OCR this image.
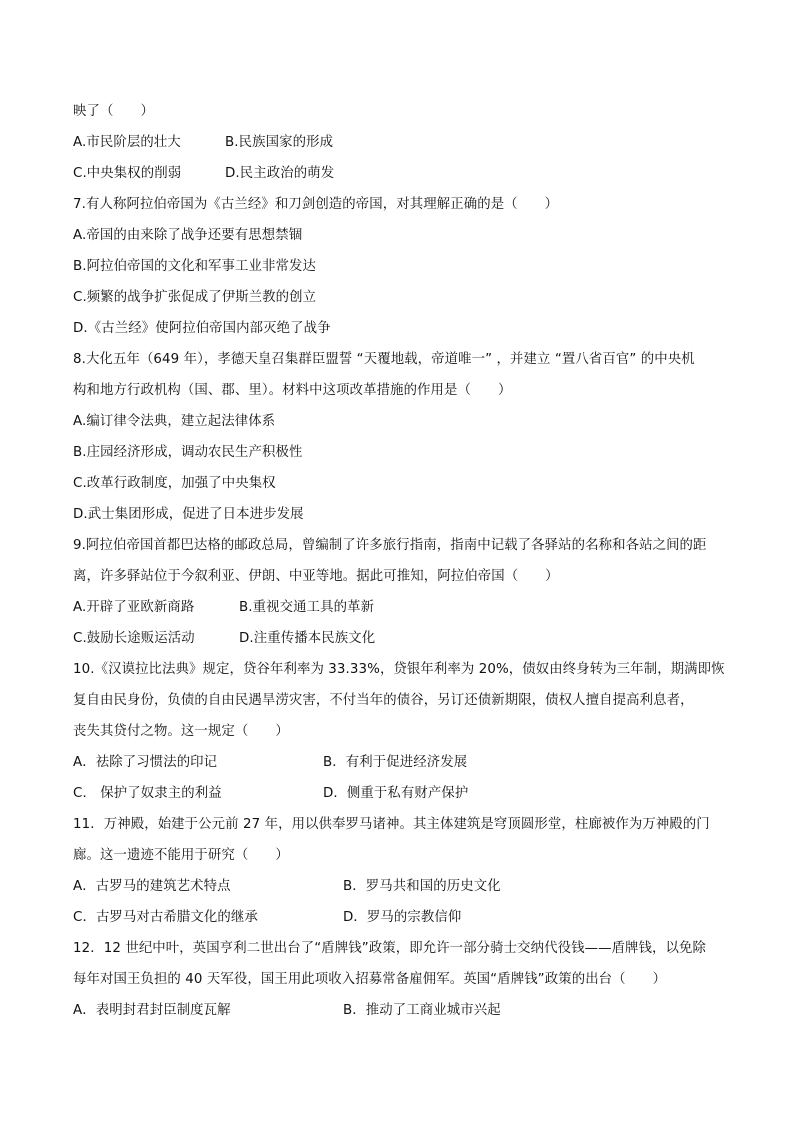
映了（　　）
A.市民阶层的壮大	B.民族国家的形成
C.中央集权的削弱	D.民主政治的萌发
7.有人称阿拉伯帝国为《古兰经》和刀剑创造的帝国，对其理解正确的是（　　）
A.帝国的由来除了战争还要有思想禁锢
B.阿拉伯帝国的文化和军事工业非常发达
C.频繁的战争扩张促成了伊斯兰教的创立
D.《古兰经》使阿拉伯帝国内部灭绝了战争
8.大化五年（649 年），孝德天皇召集群臣盟誓 “天覆地载，帝道唯一” ，并建立 “置八省百官” 的中央机
构和地方行政机构（国、郡、里）。材料中这项改革措施的作用是（　　）
A.编订律令法典，建立起法律体系
B.庄园经济形成，调动农民生产积极性
C.改革行政制度，加强了中央集权
D.武士集团形成，促进了日本进步发展
9.阿拉伯帝国首都巴达格的邮政总局，曾编制了许多旅行指南，指南中记载了各驿站的名称和各站之间的距
离，许多驿站位于今叙利亚、伊朗、中亚等地。据此可推知，阿拉伯帝国（　　）
A.开辟了亚欧新商路	B.重视交通工具的革新
C.鼓励长途贩运活动	D.注重传播本民族文化
10.《汉谟拉比法典》规定，贷谷年利率为 33.33%，贷银年利率为 20%，债奴由终身转为三年制，期满即恢
复自由民身份，负债的自由民遇旱涝灾害，不付当年的债谷，另订还债新期限，债权人擅自提高利息者，
丧失其贷付之物。这一规定（　　）
A．祛除了习惯法的印记	B．有利于促进经济发展
C． 保护了奴隶主的利益	D．侧重于私有财产保护
11．万神殿，始建于公元前 27 年，用以供奉罗马诸神。其主体建筑是穹顶圆形堂，柱廊被作为万神殿的门
廊。这一遗迹不能用于研究（　　）
A．古罗马的建筑艺术特点	B．罗马共和国的历史文化
C．古罗马对古希腊文化的继承	D．罗马的宗教信仰
12．12 世纪中叶，英国亨利二世出台了“盾牌钱”政策，即允许一部分骑士交纳代役钱——盾牌钱，以免除
每年对国王负担的 40 天军役，国王用此项收入招募常备雇佣军。英国“盾牌钱”政策的出台（　　）
A．表明封君封臣制度瓦解	B．推动了工商业城市兴起
